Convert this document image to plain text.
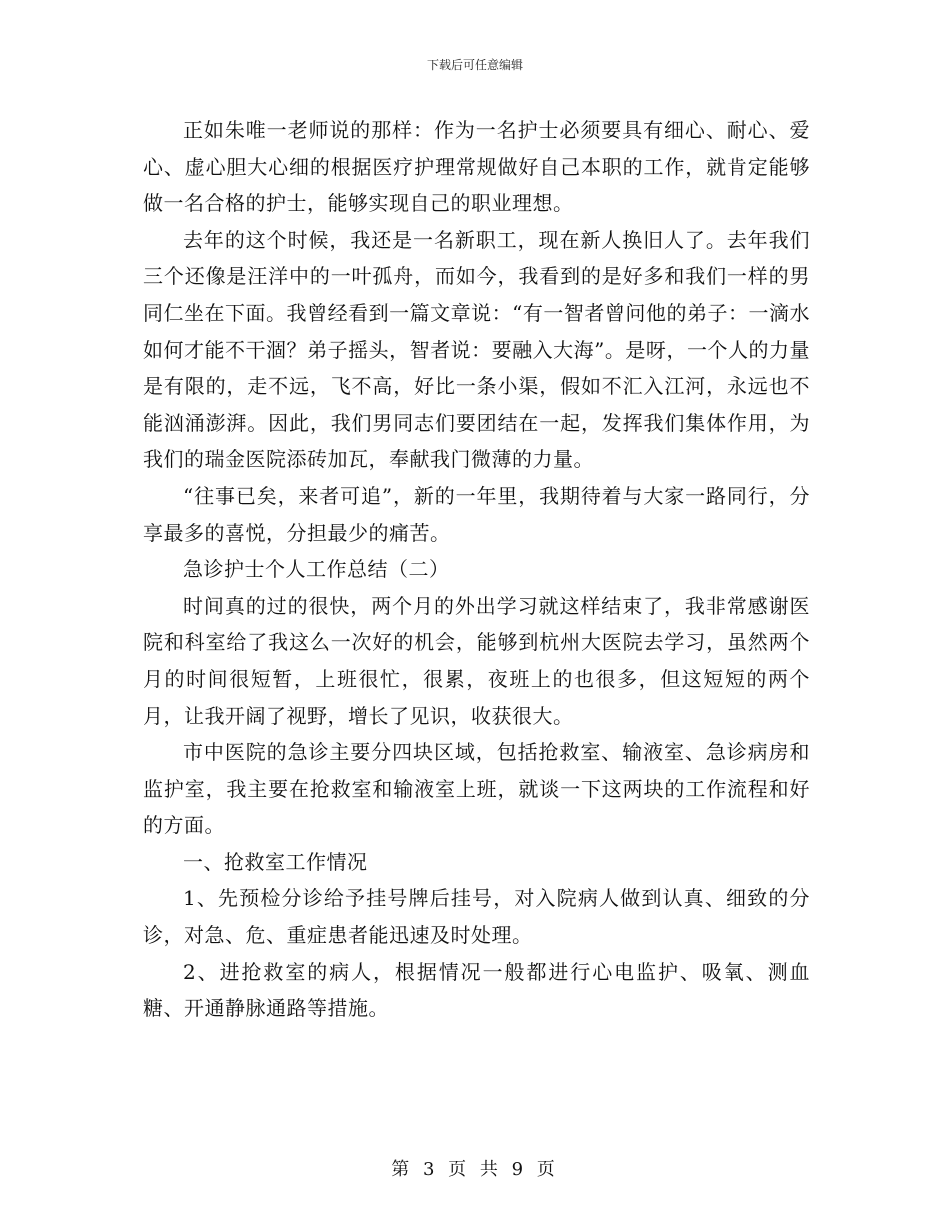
下载后可任意编辑

正如朱唯一老师说的那样：作为一名护士必须要具有细心、耐心、爱心、虚心胆大心细的根据医疗护理常规做好自己本职的工作，就肯定能够做一名合格的护士，能够实现自己的职业理想。

去年的这个时候，我还是一名新职工，现在新人换旧人了。去年我们三个还像是汪洋中的一叶孤舟，而如今，我看到的是好多和我们一样的男同仁坐在下面。我曾经看到一篇文章说：“有一智者曾问他的弟子：一滴水如何才能不干涸？弟子摇头，智者说：要融入大海”。是呀，一个人的力量是有限的，走不远，飞不高，好比一条小渠，假如不汇入江河，永远也不能汹涌澎湃。因此，我们男同志们要团结在一起，发挥我们集体作用，为我们的瑞金医院添砖加瓦，奉献我门微薄的力量。

“往事已矣，来者可追”，新的一年里，我期待着与大家一路同行，分享最多的喜悦，分担最少的痛苦。

急诊护士个人工作总结（二）

时间真的过的很快，两个月的外出学习就这样结束了，我非常感谢医院和科室给了我这么一次好的机会，能够到杭州大医院去学习，虽然两个月的时间很短暂，上班很忙，很累，夜班上的也很多，但这短短的两个月，让我开阔了视野，增长了见识，收获很大。

市中医院的急诊主要分四块区域，包括抢救室、输液室、急诊病房和监护室，我主要在抢救室和输液室上班，就谈一下这两块的工作流程和好的方面。

一、抢救室工作情况

1、先预检分诊给予挂号牌后挂号，对入院病人做到认真、细致的分诊，对急、危、重症患者能迅速及时处理。

2、进抢救室的病人，根据情况一般都进行心电监护、吸氧、测血糖、开通静脉通路等措施。

第 3 页 共 9 页
